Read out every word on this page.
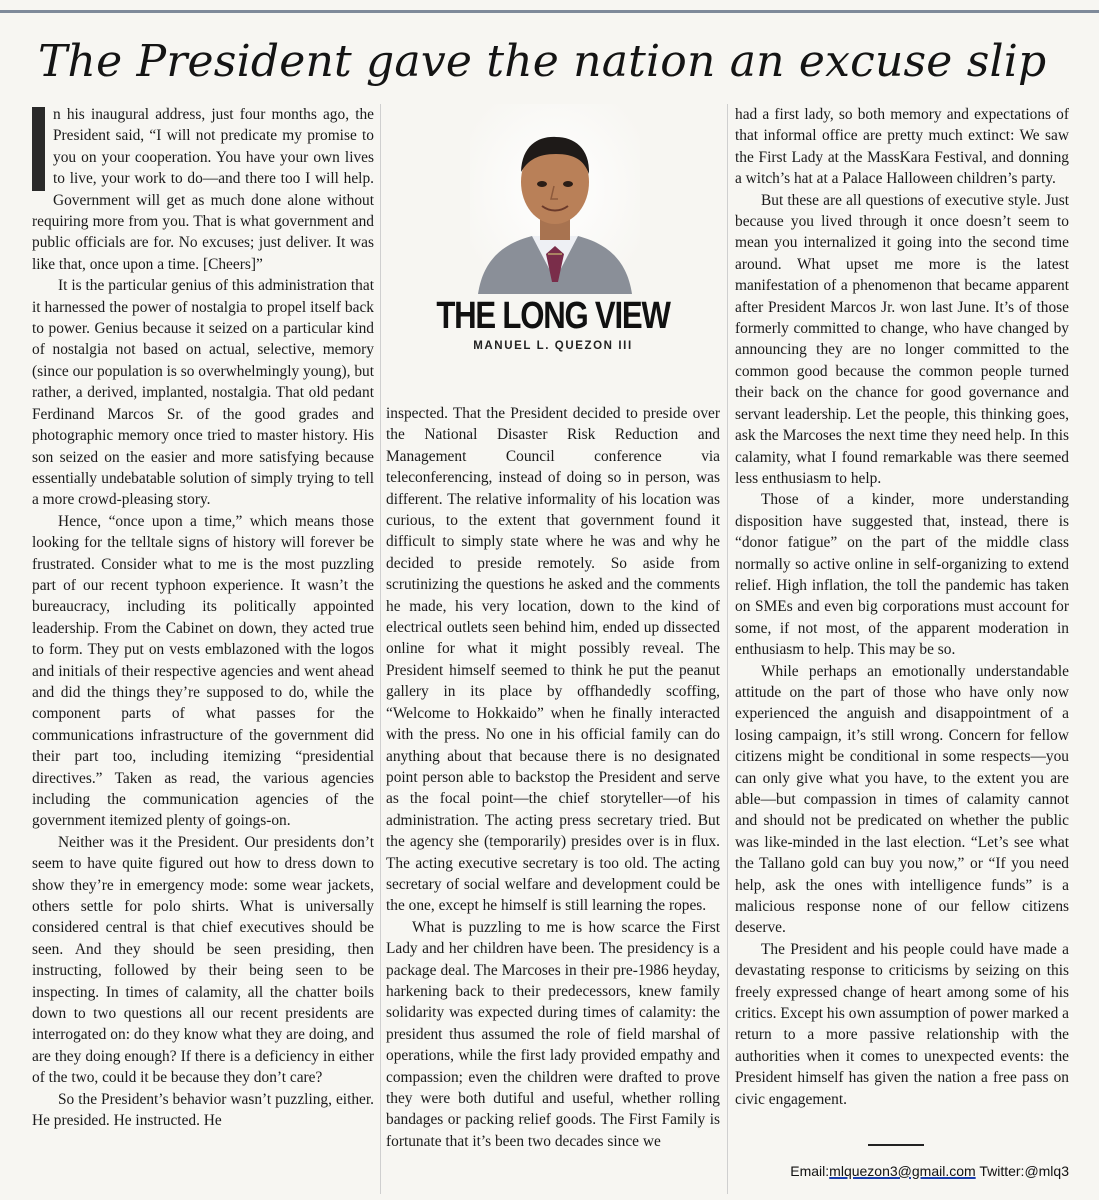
The President gave the nation an excuse slip

n his inaugural address, just four months ago, the President said, “I will not predicate my promise to you on your cooperation. You have your own lives to live, your work to do—and there too I will help. Government will get as much done alone without requiring more from you. That is what government and public officials are for. No excuses; just deliver. It was like that, once upon a time. [Cheers]”

It is the particular genius of this administration that it harnessed the power of nostalgia to propel itself back to power. Genius because it seized on a particular kind of nostalgia not based on actual, selective, memory (since our population is so overwhelmingly young), but rather, a derived, implanted, nostalgia. That old pedant Ferdinand Marcos Sr. of the good grades and photographic memory once tried to master history. His son seized on the easier and more satisfying because essentially undebatable solution of simply trying to tell a more crowd-pleasing story.

Hence, “once upon a time,” which means those looking for the telltale signs of history will forever be frustrated. Consider what to me is the most puzzling part of our recent typhoon experience. It wasn’t the bureaucracy, including its politically appointed leadership. From the Cabinet on down, they acted true to form. They put on vests emblazoned with the logos and initials of their respective agencies and went ahead and did the things they’re supposed to do, while the component parts of what passes for the communications infrastructure of the government did their part too, including itemizing “presidential directives.” Taken as read, the various agencies including the communication agencies of the government itemized plenty of goings-on.

Neither was it the President. Our presidents don’t seem to have quite figured out how to dress down to show they’re in emergency mode: some wear jackets, others settle for polo shirts. What is universally considered central is that chief executives should be seen. And they should be seen presiding, then instructing, followed by their being seen to be inspecting. In times of calamity, all the chatter boils down to two questions all our recent presidents are interrogated on: do they know what they are doing, and are they doing enough? If there is a deficiency in either of the two, could it be because they don’t care?

So the President’s behavior wasn’t puzzling, either. He presided. He instructed. He

THE LONG VIEW
MANUEL L. QUEZON III

inspected. That the President decided to preside over the National Disaster Risk Reduction and Management Council conference via teleconferencing, instead of doing so in person, was different. The relative informality of his location was curious, to the extent that government found it difficult to simply state where he was and why he decided to preside remotely. So aside from scrutinizing the questions he asked and the comments he made, his very location, down to the kind of electrical outlets seen behind him, ended up dissected online for what it might possibly reveal. The President himself seemed to think he put the peanut gallery in its place by offhandedly scoffing, “Welcome to Hokkaido” when he finally interacted with the press. No one in his official family can do anything about that because there is no designated point person able to backstop the President and serve as the focal point—the chief storyteller—of his administration. The acting press secretary tried. But the agency she (temporarily) presides over is in flux. The acting executive secretary is too old. The acting secretary of social welfare and development could be the one, except he himself is still learning the ropes.

What is puzzling to me is how scarce the First Lady and her children have been. The presidency is a package deal. The Marcoses in their pre-1986 heyday, harkening back to their predecessors, knew family solidarity was expected during times of calamity: the president thus assumed the role of field marshal of operations, while the first lady provided empathy and compassion; even the children were drafted to prove they were both dutiful and useful, whether rolling bandages or packing relief goods. The First Family is fortunate that it’s been two decades since we

had a first lady, so both memory and expectations of that informal office are pretty much extinct: We saw the First Lady at the MassKara Festival, and donning a witch’s hat at a Palace Halloween children’s party.

But these are all questions of executive style. Just because you lived through it once doesn’t seem to mean you internalized it going into the second time around. What upset me more is the latest manifestation of a phenomenon that became apparent after President Marcos Jr. won last June. It’s of those formerly committed to change, who have changed by announcing they are no longer committed to the common good because the common people turned their back on the chance for good governance and servant leadership. Let the people, this thinking goes, ask the Marcoses the next time they need help. In this calamity, what I found remarkable was there seemed less enthusiasm to help.

Those of a kinder, more understanding disposition have suggested that, instead, there is “donor fatigue” on the part of the middle class normally so active online in self-organizing to extend relief. High inflation, the toll the pandemic has taken on SMEs and even big corporations must account for some, if not most, of the apparent moderation in enthusiasm to help. This may be so.

While perhaps an emotionally understandable attitude on the part of those who have only now experienced the anguish and disappointment of a losing campaign, it’s still wrong. Concern for fellow citizens might be conditional in some respects—you can only give what you have, to the extent you are able—but compassion in times of calamity cannot and should not be predicated on whether the public was like-minded in the last election. “Let’s see what the Tallano gold can buy you now,” or “If you need help, ask the ones with intelligence funds” is a malicious response none of our fellow citizens deserve.

The President and his people could have made a devastating response to criticisms by seizing on this freely expressed change of heart among some of his critics. Except his own assumption of power marked a return to a more passive relationship with the authorities when it comes to unexpected events: the President himself has given the nation a free pass on civic engagement.

Email:mlquezon3@gmail.com Twitter:@mlq3
